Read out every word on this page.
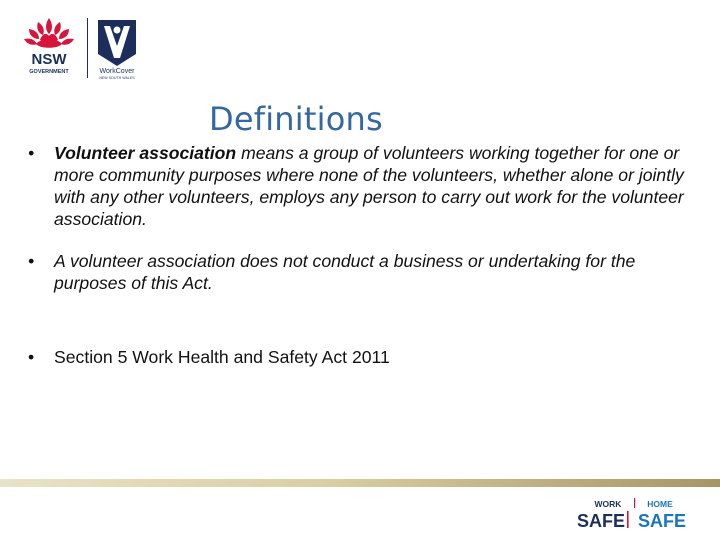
NSW
GOVERNMENT	WorkCover
NEW SOUTH WALES
Definitions
• Volunteer association means a group of volunteers working together for one or more community purposes where none of the volunteers, whether alone or jointly with any other volunteers, employs any person to carry out work for the volunteer association.
• A volunteer association does not conduct a business or undertaking for the purposes of this Act.
• Section 5 Work Health and Safety Act 2011
WORK	HOME
SAFE SAFE
